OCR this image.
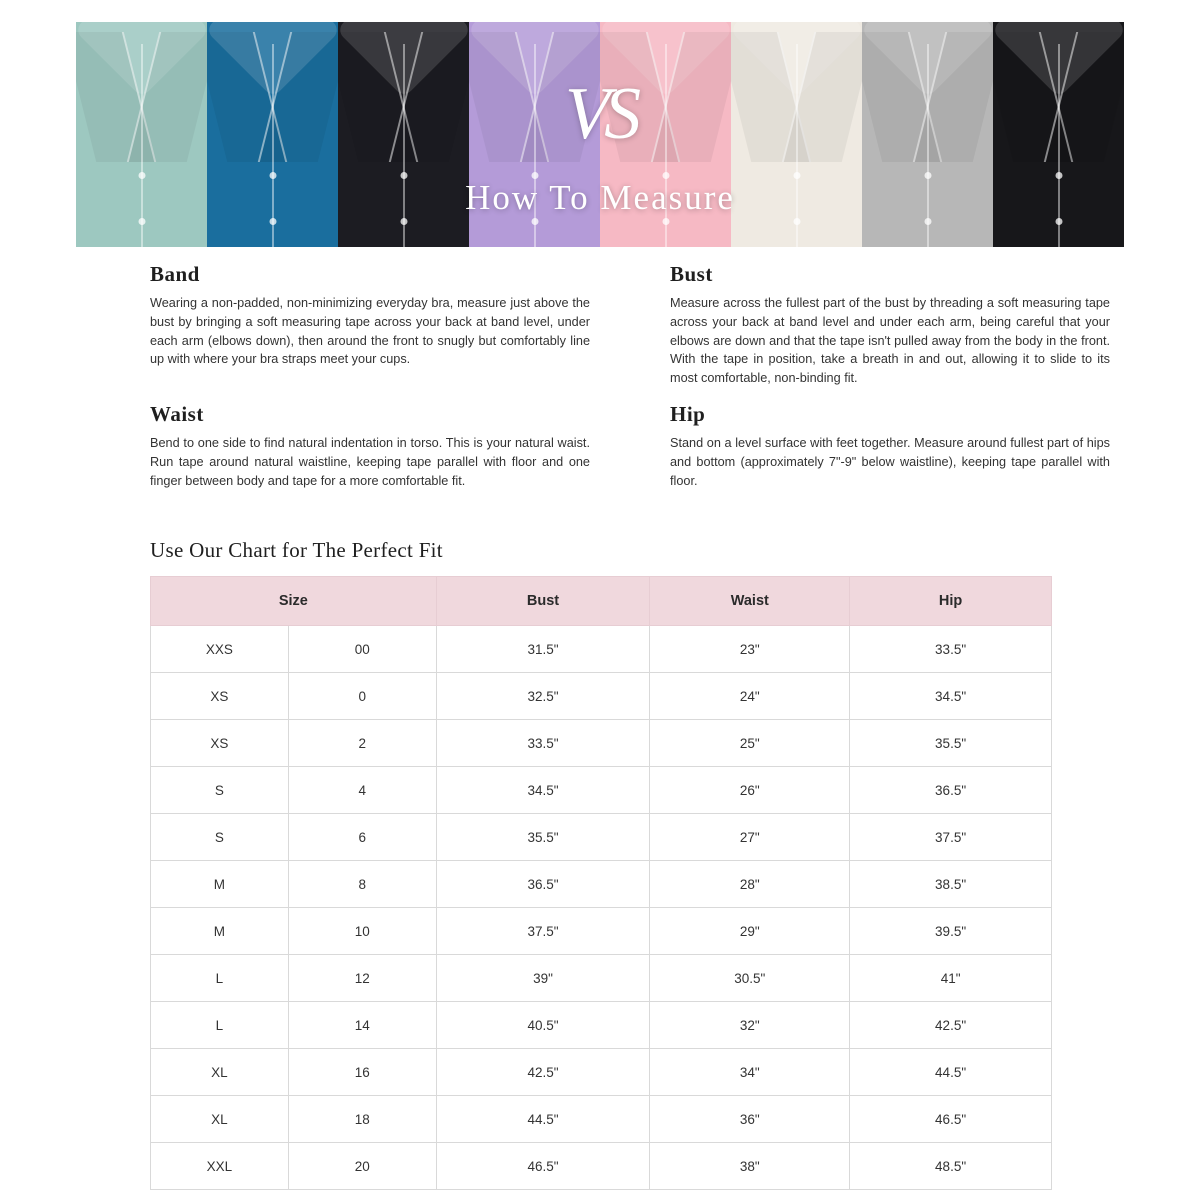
VS
How To Measure
Band

Wearing a non-padded, non-minimizing everyday bra, measure just above the bust by bringing a soft measuring tape across your back at band level, under each arm (elbows down), then around the front to snugly but comfortably line up with where your bra straps meet your cups.

Bust

Measure across the fullest part of the bust by threading a soft measuring tape across your back at band level and under each arm, being careful that your elbows are down and that the tape isn't pulled away from the body in the front. With the tape in position, take a breath in and out, allowing it to slide to its most comfortable, non-binding fit.

Waist

Bend to one side to find natural indentation in torso. This is your natural waist. Run tape around natural waistline, keeping tape parallel with floor and one finger between body and tape for a more comfortable fit.

Hip

Stand on a level surface with feet together. Measure around fullest part of hips and bottom (approximately 7"-9" below waistline), keeping tape parallel with floor.

Use Our Chart for The Perfect Fit
Size		Bust	Waist	Hip
XXS	00	31.5"	23"	33.5"
XS	0	32.5"	24"	34.5"
XS	2	33.5"	25"	35.5"
S	4	34.5"	26"	36.5"
S	6	35.5"	27"	37.5"
M	8	36.5"	28"	38.5"
M	10	37.5"	29"	39.5"
L	12	39"	30.5"	41"
L	14	40.5"	32"	42.5"
XL	16	42.5"	34"	44.5"
XL	18	44.5"	36"	46.5"
XXL	20	46.5"	38"	48.5"
